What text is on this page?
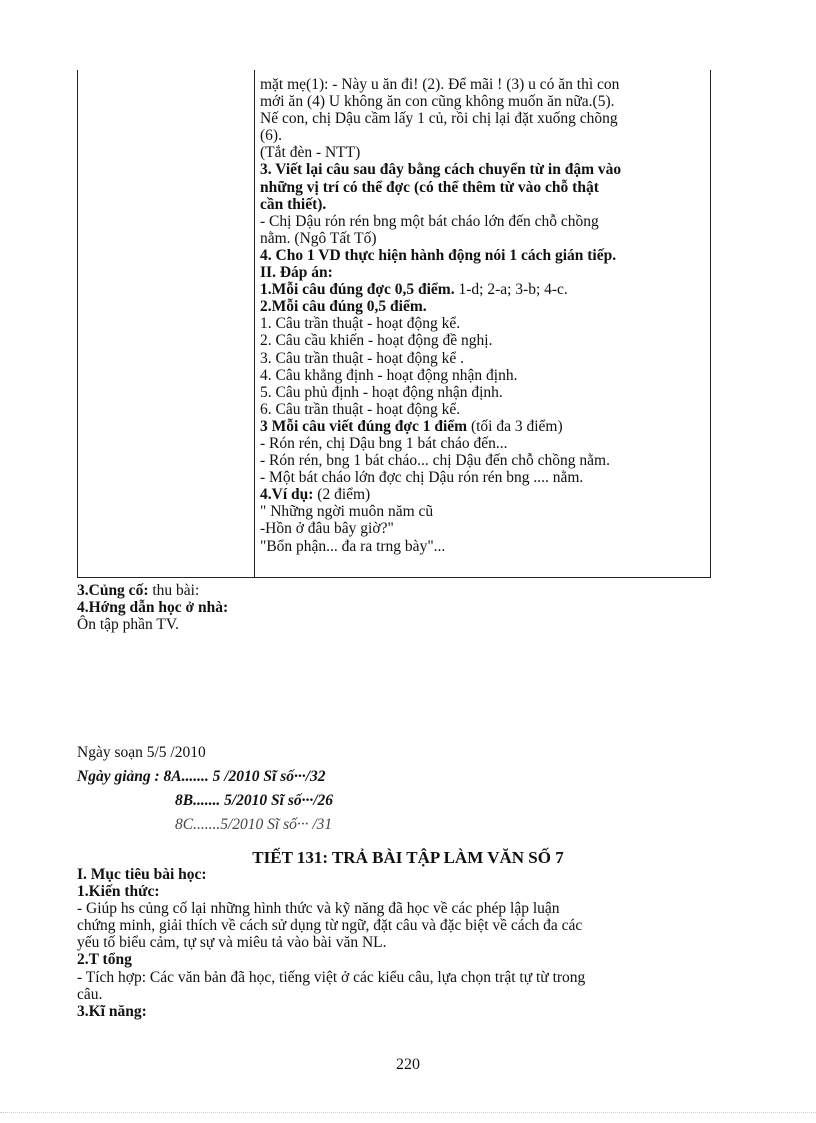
mặt mẹ(1): - Này u ăn đi! (2). Để mãi ! (3) u có ăn thì con
mới ăn (4) U không ăn con cũng không muốn ăn nữa.(5).
Nế con, chị Dậu cầm lấy 1 củ, rồi chị lại đặt xuống chõng
(6).
(Tắt đèn - NTT)
3. Viết lại câu sau đây bằng cách chuyển từ in đậm vào
những vị trí có thể đợc (có thể thêm từ vào chỗ thật
cần thiết).
- Chị Dậu rón rén bng một bát cháo lớn đến chỗ chồng
nằm. (Ngô Tất Tố)
4. Cho 1 VD thực hiện hành động nói 1 cách gián tiếp.
II. Đáp án:
1.Mỗi câu đúng đợc 0,5 điểm. 1-d; 2-a; 3-b; 4-c.
2.Mỗi câu đúng 0,5 điểm.
1. Câu trần thuật - hoạt động kể.
2. Câu cầu khiến - hoạt động đề nghị.
3. Câu trần thuật - hoạt động kể .
4. Câu khẳng định - hoạt động nhận định.
5. Câu phủ định - hoạt động nhận định.
6. Câu trần thuật - hoạt động kể.
3 Mỗi câu viết đúng đợc 1 điểm (tối đa 3 điểm)
- Rón rén, chị Dậu bng 1 bát cháo đến...
- Rón rén, bng 1 bát cháo... chị Dậu đến chỗ chồng nằm.
- Một bát cháo lớn đợc chị Dậu rón rén bng .... nằm.
4.Ví dụ: (2 điểm)
" Những ngời muôn năm cũ
-Hồn ở đâu bây giờ?"
"Bổn phận... đa ra trng bày"...
3.Củng cố: thu bài:
4.Hớng dẫn học ở nhà:
Ôn tập phần TV.
Ngày soạn 5/5 /2010
Ngày giảng : 8A....... 5 /2010 Sĩ số···/32
8B....... 5/2010 Sĩ số···/26
8C.......5/2010 Sĩ số··· /31
TIẾT 131: TRẢ BÀI TẬP LÀM VĂN SỐ 7
I. Mục tiêu bài học:
1.Kiến thức:
- Giúp hs củng cố lại những hình thức và kỹ năng đã học về các phép lập luận
chứng minh, giải thích về cách sử dụng từ ngữ, đặt câu và đặc biệt về cách đa các
yếu tố biểu cảm, tự sự và miêu tả vào bài văn NL.
2.T tổng
- Tích hợp: Các văn bản đã học, tiếng việt ở các kiểu câu, lựa chọn trật tự từ trong
câu.
3.Kĩ năng:
220
